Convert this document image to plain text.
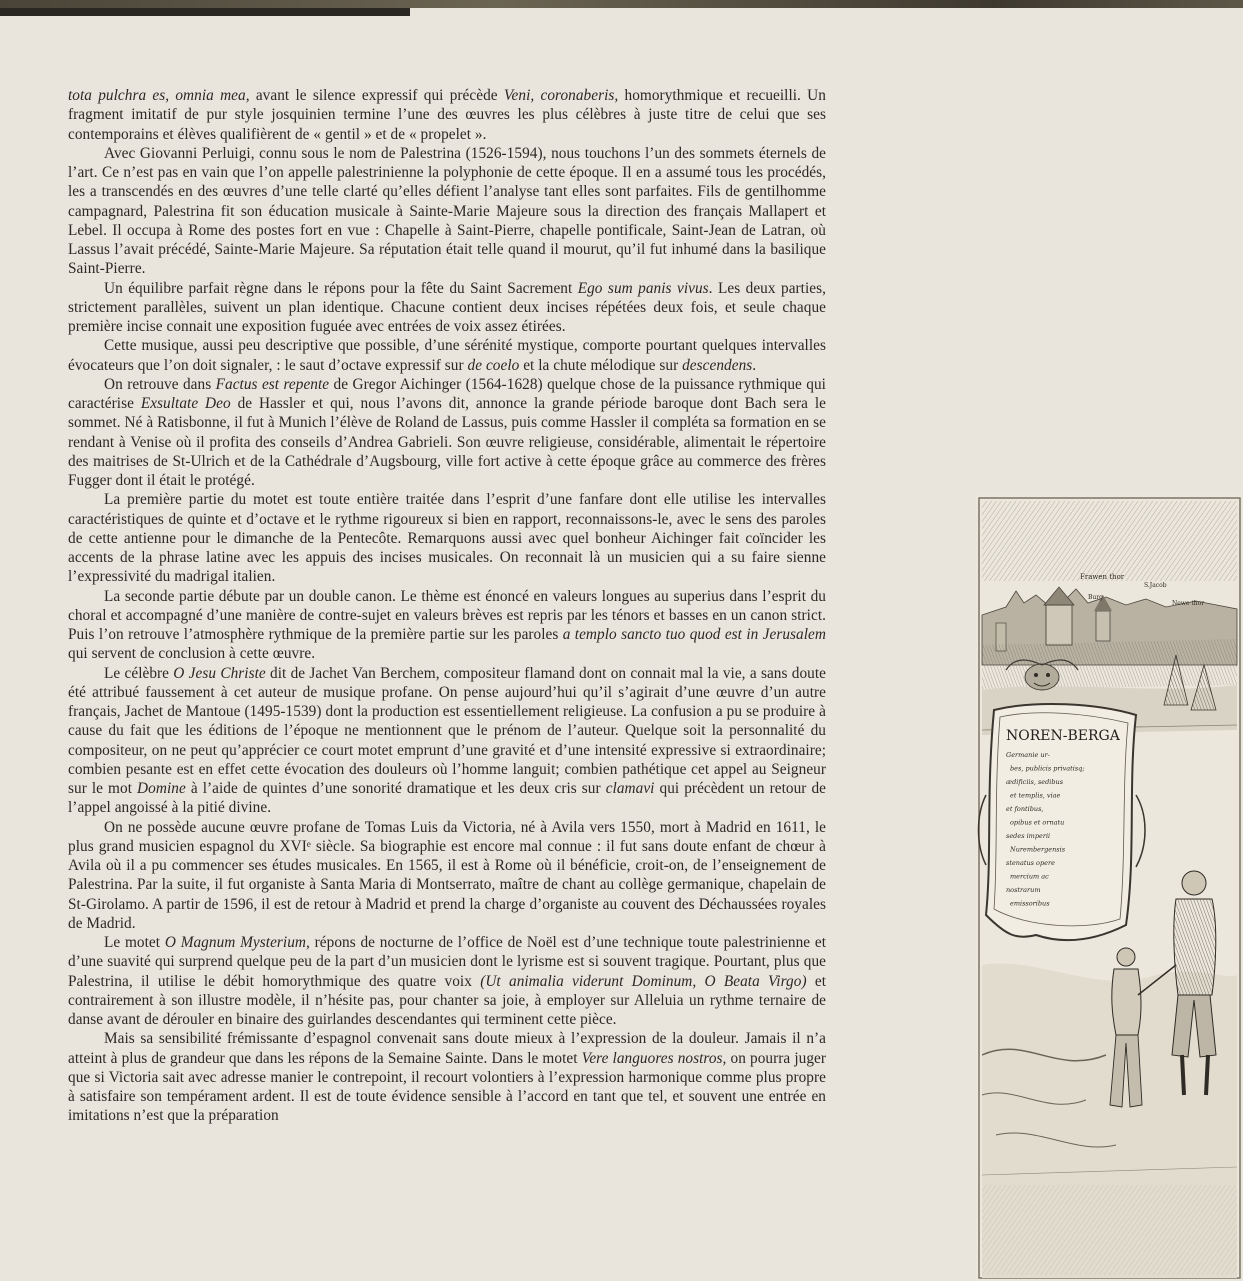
tota pulchra es, omnia mea, avant le silence expressif qui précède Veni, coronaberis, homorythmique et recueilli. Un fragment imitatif de pur style josquinien termine l’une des œuvres les plus célèbres à juste titre de celui que ses contemporains et élèves qualifièrent de « gentil » et de « propelet ».

Avec Giovanni Perluigi, connu sous le nom de Palestrina (1526-1594), nous touchons l’un des sommets éternels de l’art. Ce n’est pas en vain que l’on appelle palestrinienne la polyphonie de cette époque. Il en a assumé tous les procédés, les a transcendés en des œuvres d’une telle clarté qu’elles défient l’analyse tant elles sont parfaites. Fils de gentilhomme campagnard, Palestrina fit son éducation musicale à Sainte-Marie Majeure sous la direction des français Mallapert et Lebel. Il occupa à Rome des postes fort en vue : Chapelle à Saint-Pierre, chapelle pontificale, Saint-Jean de Latran, où Lassus l’avait précédé, Sainte-Marie Majeure. Sa réputation était telle quand il mourut, qu’il fut inhumé dans la basilique Saint-Pierre.

Un équilibre parfait règne dans le répons pour la fête du Saint Sacrement Ego sum panis vivus. Les deux parties, strictement parallèles, suivent un plan identique. Chacune contient deux incises répétées deux fois, et seule chaque première incise connait une exposition fuguée avec entrées de voix assez étirées.

Cette musique, aussi peu descriptive que possible, d’une sérénité mystique, comporte pourtant quelques intervalles évocateurs que l’on doit signaler, : le saut d’octave expressif sur de coelo et la chute mélodique sur descendens.

On retrouve dans Factus est repente de Gregor Aichinger (1564-1628) quelque chose de la puissance rythmique qui caractérise Exsultate Deo de Hassler et qui, nous l’avons dit, annonce la grande période baroque dont Bach sera le sommet. Né à Ratisbonne, il fut à Munich l’élève de Roland de Lassus, puis comme Hassler il compléta sa formation en se rendant à Venise où il profita des conseils d’Andrea Gabrieli. Son œuvre religieuse, considérable, alimentait le répertoire des maitrises de St-Ulrich et de la Cathédrale d’Augsbourg, ville fort active à cette époque grâce au commerce des frères Fugger dont il était le protégé.

La première partie du motet est toute entière traitée dans l’esprit d’une fanfare dont elle utilise les intervalles caractéristiques de quinte et d’octave et le rythme rigoureux si bien en rapport, reconnaissons-le, avec le sens des paroles de cette antienne pour le dimanche de la Pentecôte. Remarquons aussi avec quel bonheur Aichinger fait coïncider les accents de la phrase latine avec les appuis des incises musicales. On reconnait là un musicien qui a su faire sienne l’expressivité du madrigal italien.

La seconde partie débute par un double canon. Le thème est énoncé en valeurs longues au superius dans l’esprit du choral et accompagné d’une manière de contre-sujet en valeurs brèves est repris par les ténors et basses en un canon strict. Puis l’on retrouve l’atmosphère rythmique de la première partie sur les paroles a templo sancto tuo quod est in Jerusalem qui servent de conclusion à cette œuvre.

Le célèbre O Jesu Christe dit de Jachet Van Berchem, compositeur flamand dont on connait mal la vie, a sans doute été attribué faussement à cet auteur de musique profane. On pense aujourd’hui qu’il s’agirait d’une œuvre d’un autre français, Jachet de Mantoue (1495-1539) dont la production est essentiellement religieuse. La confusion a pu se produire à cause du fait que les éditions de l’époque ne mentionnent que le prénom de l’auteur. Quelque soit la personnalité du compositeur, on ne peut qu’apprécier ce court motet emprunt d’une gravité et d’une intensité expressive si extraordinaire; combien pesante est en effet cette évocation des douleurs où l’homme languit; combien pathétique cet appel au Seigneur sur le mot Domine à l’aide de quintes d’une sonorité dramatique et les deux cris sur clamavi qui précèdent un retour de l’appel angoissé à la pitié divine.

On ne possède aucune œuvre profane de Tomas Luis da Victoria, né à Avila vers 1550, mort à Madrid en 1611, le plus grand musicien espagnol du XVIᵉ siècle. Sa biographie est encore mal connue : il fut sans doute enfant de chœur à Avila où il a pu commencer ses études musicales. En 1565, il est à Rome où il bénéficie, croit-on, de l’enseignement de Palestrina. Par la suite, il fut organiste à Santa Maria di Montserrato, maître de chant au collège germanique, chapelain de St-Girolamo. A partir de 1596, il est de retour à Madrid et prend la charge d’organiste au couvent des Déchaussées royales de Madrid.

Le motet O Magnum Mysterium, répons de nocturne de l’office de Noël est d’une technique toute palestrinienne et d’une suavité qui surprend quelque peu de la part d’un musicien dont le lyrisme est si souvent tragique. Pourtant, plus que Palestrina, il utilise le débit homorythmique des quatre voix (Ut animalia viderunt Dominum, O Beata Virgo) et contrairement à son illustre modèle, il n’hésite pas, pour chanter sa joie, à employer sur Alleluia un rythme ternaire de danse avant de dérouler en binaire des guirlandes descendantes qui terminent cette pièce.

Mais sa sensibilité frémissante d’espagnol convenait sans doute mieux à l’expression de la douleur. Jamais il n’a atteint à plus de grandeur que dans les répons de la Semaine Sainte. Dans le motet Vere languores nostros, on pourra juger que si Victoria sait avec adresse manier le contrepoint, il recourt volontiers à l’expression harmonique comme plus propre à satisfaire son tempérament ardent. Il est de toute évidence sensible à l’accord en tant que tel, et souvent une entrée en imitations n’est que la préparation

Frawen thor
S.Jacob
Burg
Newe thor
NOREN-BERGA
Germanie ur-
bes, publicis privatisq;
ædificiis, sedibus
et templis, viae
et fontibus,
opibus et ornatu
sedes imperii
Nurembergensis
stenatus opere
mercium ac
nostrarum
emissoribus
